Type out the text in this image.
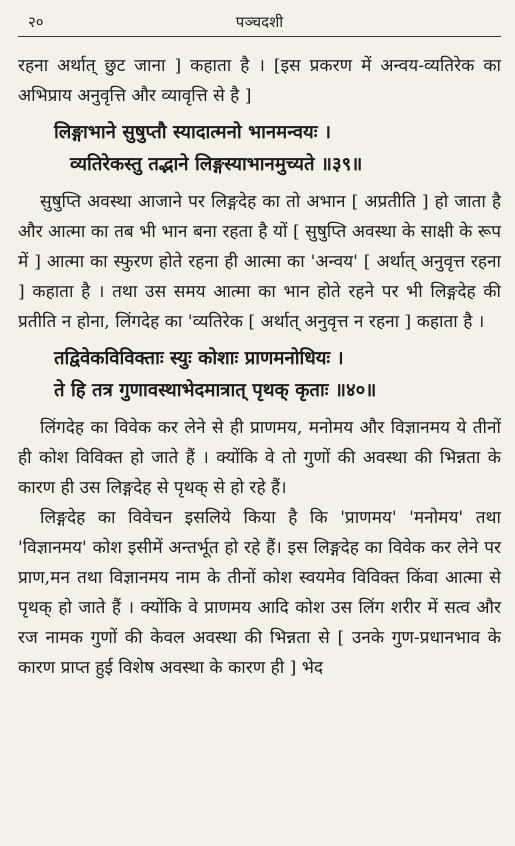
२०	पञ्चदशी

रहना अर्थात् छुट जाना ] कहाता है । [इस प्रकरण में अन्वय-व्यतिरेक का अभिप्राय अनुवृत्ति और व्यावृत्ति से है ]

लिङ्गाभाने सुषुप्तौ स्यादात्मनो भानमन्वयः ।
व्यतिरेकस्तु तद्भाने लिङ्गस्याभानमुच्यते ॥३९॥

सुषुप्ति अवस्था आजाने पर लिङ्गदेह का तो अभान [ अप्रतीति ] हो जाता है और आत्मा का तब भी भान बना रहता है यों [ सुषुप्ति अवस्था के साक्षी के रूप में ] आत्मा का स्फुरण होते रहना ही आत्मा का 'अन्वय' [ अर्थात् अनुवृत्त रहना ] कहाता है । तथा उस समय आत्मा का भान होते रहने पर भी लिङ्गदेह की प्रतीति न होना, लिंगदेह का 'व्यतिरेक [ अर्थात् अनुवृत्त न रहना ] कहाता है ।

तद्विवेकविविक्ताः स्युः कोशाः प्राणमनोधियः ।
ते हि तत्र गुणावस्थाभेदमात्रात् पृथक् कृताः ॥४०॥

लिंगदेह का विवेक कर लेने से ही प्राणमय, मनोमय और विज्ञानमय ये तीनों ही कोश विविक्त हो जाते हैं । क्योंकि वे तो गुणों की अवस्था की भिन्नता के कारण ही उस लिङ्गदेह से पृथक् से हो रहे हैं।

लिङ्गदेह का विवेचन इसलिये किया है कि 'प्राणमय' 'मनोमय' तथा 'विज्ञानमय' कोश इसीमें अन्तर्भूत हो रहे हैं। इस लिङ्गदेह का विवेक कर लेने पर प्राण,मन तथा विज्ञानमय नाम के तीनों कोश स्वयमेव विविक्त किंवा आत्मा से पृथक् हो जाते हैं । क्योंकि वे प्राणमय आदि कोश उस लिंग शरीर में सत्व और रज नामक गुणों की केवल अवस्था की भिन्नता से [ उनके गुण-प्रधानभाव के कारण प्राप्त हुई विशेष अवस्था के कारण ही ] भेद
